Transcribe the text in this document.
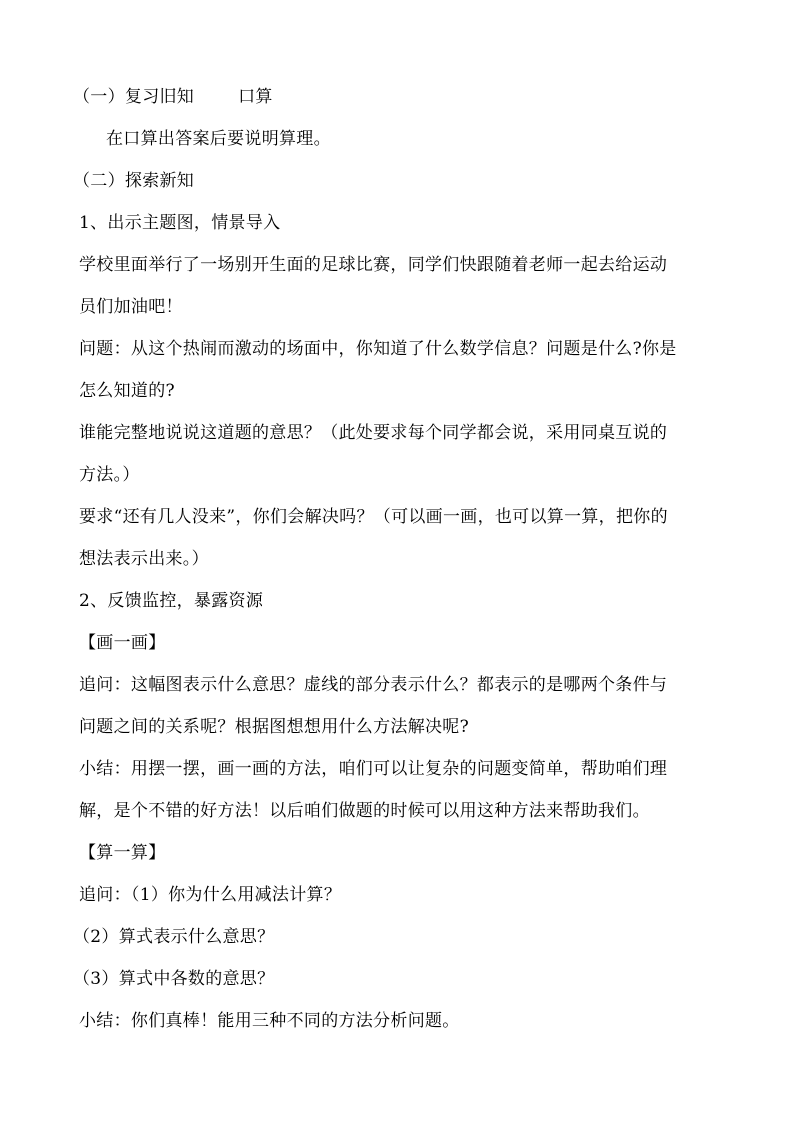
（一）复习旧知	口算
在口算出答案后要说明算理。
（二）探索新知
1、出示主题图，情景导入
学校里面举行了一场别开生面的足球比赛，同学们快跟随着老师一起去给运动
员们加油吧！
问题：从这个热闹而激动的场面中，你知道了什么数学信息？问题是什么?你是
怎么知道的?
谁能完整地说说这道题的意思？（此处要求每个同学都会说，采用同桌互说的
方法。）
要求“还有几人没来”，你们会解决吗？（可以画一画，也可以算一算，把你的
想法表示出来。）
2、反馈监控，暴露资源
【画一画】
追问：这幅图表示什么意思？虚线的部分表示什么？都表示的是哪两个条件与
问题之间的关系呢？根据图想想用什么方法解决呢?
小结：用摆一摆，画一画的方法，咱们可以让复杂的问题变简单，帮助咱们理
解，是个不错的好方法！以后咱们做题的时候可以用这种方法来帮助我们。
【算一算】
追问：（1）你为什么用减法计算？
（2）算式表示什么意思？
（3）算式中各数的意思？
小结：你们真棒！能用三种不同的方法分析问题。
